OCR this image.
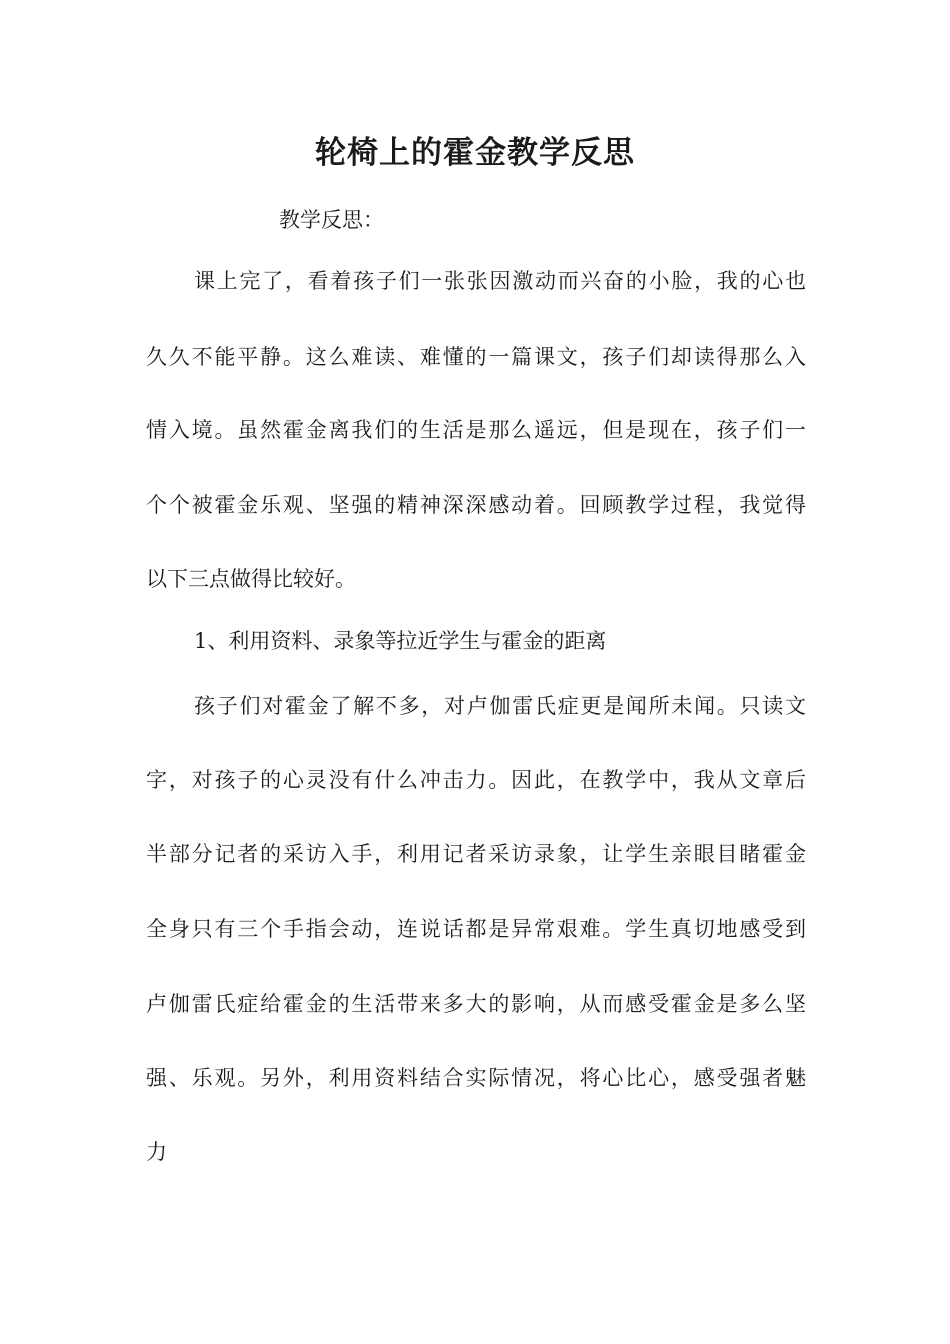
轮椅上的霍金教学反思

教学反思：

课上完了，看着孩子们一张张因激动而兴奋的小脸，我的心也

久久不能平静。这么难读、难懂的一篇课文，孩子们却读得那么入

情入境。虽然霍金离我们的生活是那么遥远，但是现在，孩子们一

个个被霍金乐观、坚强的精神深深感动着。回顾教学过程，我觉得

以下三点做得比较好。

1、利用资料、录象等拉近学生与霍金的距离

孩子们对霍金了解不多，对卢伽雷氏症更是闻所未闻。只读文

字，对孩子的心灵没有什么冲击力。因此，在教学中，我从文章后

半部分记者的采访入手，利用记者采访录象，让学生亲眼目睹霍金

全身只有三个手指会动，连说话都是异常艰难。学生真切地感受到

卢伽雷氏症给霍金的生活带来多大的影响，从而感受霍金是多么坚

强、乐观。另外，利用资料结合实际情况，将心比心，感受强者魅

力
